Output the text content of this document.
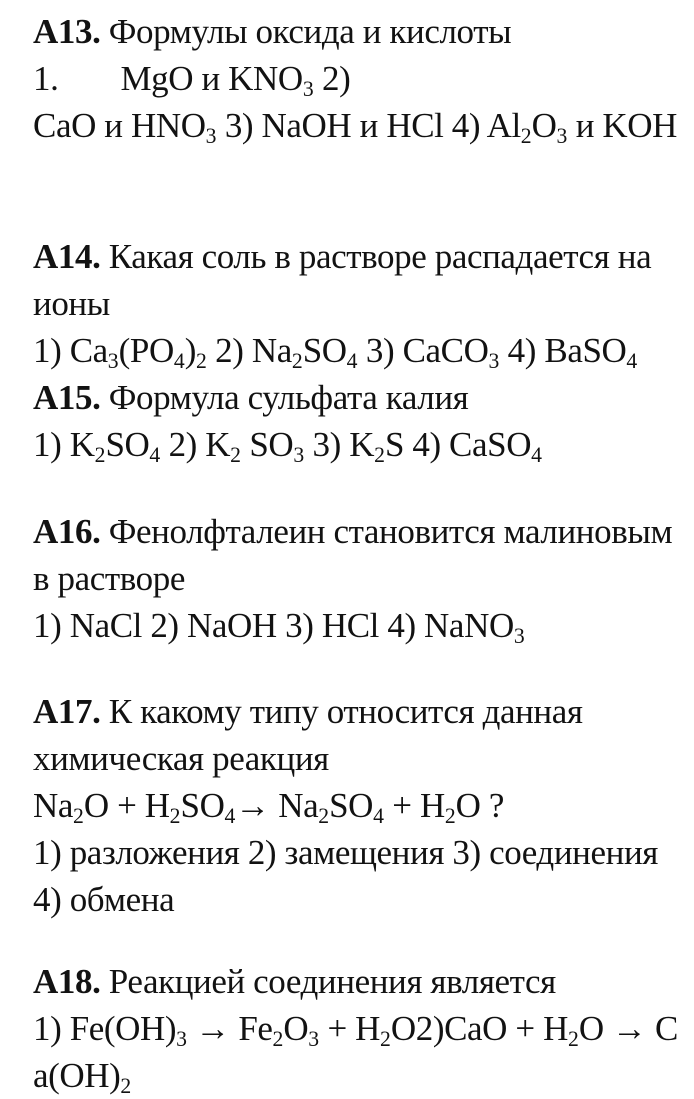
A13. Формулы оксида и кислоты
1. MgO и $KNO_3$ 2)
CaO и $HNO_3$ 3) NaOH и HCl 4) $Al_2O_3$ и KOH
A14. Какая соль в растворе распадается на
ионы
1) $Ca_3(PO_4)_2$ 2) $Na_2SO_4$ 3) CaCO$_3$ 4) BaSO$_4$
A15. Формула сульфата калия
1) $K_2SO_4$ 2) $K_2$ $SO_3$ 3) $K_2S$ 4) CaSO$_4$
A16. Фенолфталеин становится малиновым
в растворе
1) NaCl 2) NaOH 3) HCl 4) NaNO$_3$
A17. К какому типу относится данная
химическая реакция
$Na_2O + H_2SO_4\to Na_2SO_4 + H_2O$ ?
1) разложения 2) замещения 3) соединения
4) обмена
A18. Реакцией соединения является
1) $Fe(OH)_3 \to Fe_2O_3 + H_2O2)CaO + H_2O \to C$
$a(OH)_2$
